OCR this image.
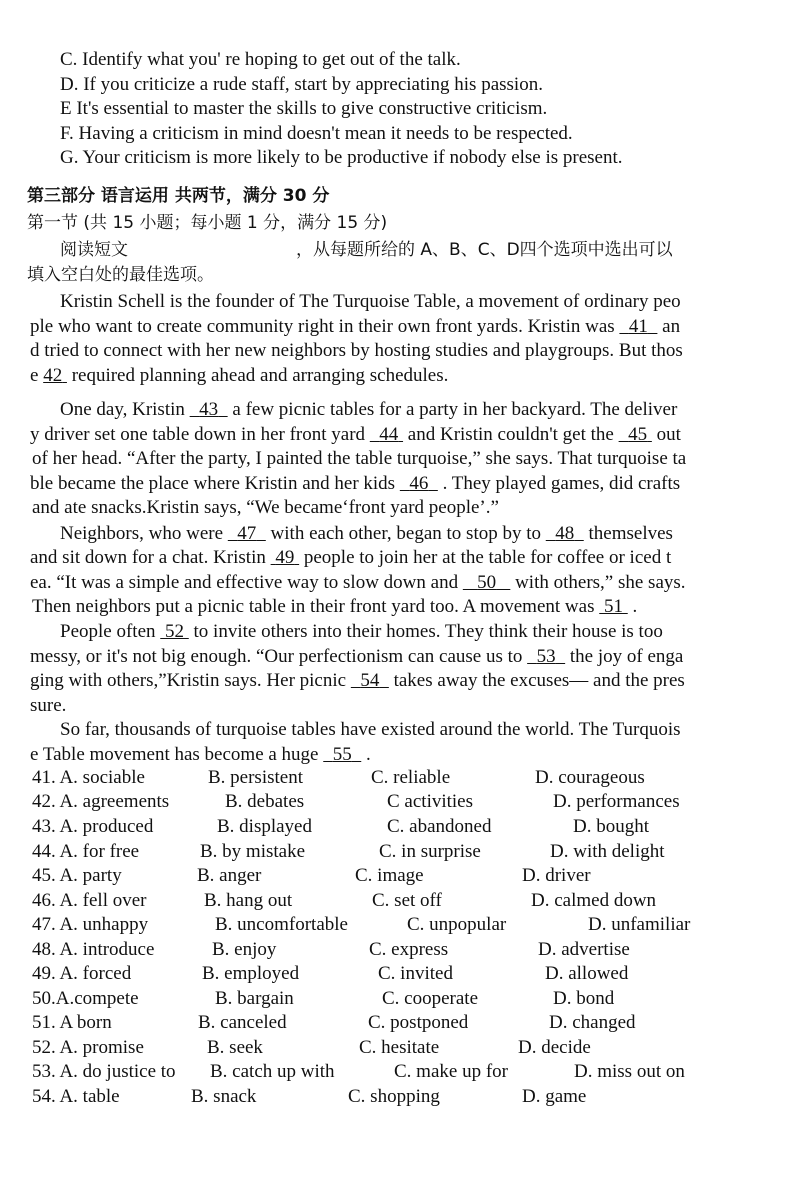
C. Identify what you' re hoping to get out of the talk.
D. If you criticize a rude staff, start by appreciating his passion.
E It's essential to master the skills to give constructive criticism.
F. Having a criticism in mind doesn't mean it needs to be respected.
G. Your criticism is more likely to be productive if nobody else is present.
第三部分 语言运用 共两节，满分 30 分
第一节 (共 15 小题；每小题 1 分，满分 15 分)
阅读短文	，从每题所给的 A、B、C、D四个选项中选出可以
填入空白处的最佳选项。
Kristin Schell is the founder of The Turquoise Table, a movement of ordinary peo
ple who want to create community right in their own front yards. Kristin was   41   an
d tried to connect with her new neighbors by hosting studies and playgroups. But thos
e 42  required planning ahead and arranging schedules.
One day, Kristin   43   a few picnic tables for a party in her backyard. The deliver
y driver set one table down in her front yard   44  and Kristin couldn't get the   45  out
of her head. “After the party, I painted the table turquoise,” she says. That turquoise ta
ble became the place where Kristin and her kids   46   . They played games, did crafts
and ate snacks.Kristin says, “We became‘front yard people’.”
Neighbors, who were   47   with each other, began to stop by to   48   themselves
and sit down for a chat. Kristin  49  people to join her at the table for coffee or iced t
ea. “It was a simple and effective way to slow down and    50    with others,” she says.
Then neighbors put a picnic table in their front yard too. A movement was  51  .
People often  52  to invite others into their homes. They think their house is too
messy, or it's not big enough. “Our perfectionism can cause us to   53   the joy of enga
ging with others,”Kristin says. Her picnic   54   takes away the excuses— and the pres
sure.
So far, thousands of turquoise tables have existed around the world. The Turquois
e Table movement has become a huge   55   .
41. A. sociable	B. persistent	C. reliable	D. courageous
42. A. agreements	B. debates	C activities	D. performances
43. A. produced	B. displayed	C. abandoned	D. bought
44. A. for free	B. by mistake	C. in surprise	D. with delight
45. A. party	B. anger	C. image	D. driver
46. A. fell over	B. hang out	C. set off	D. calmed down
47. A. unhappy	B. uncomfortable	C. unpopular	D. unfamiliar
48. A. introduce	B. enjoy	C. express	D. advertise
49. A. forced	B. employed	C. invited	D. allowed
50.A.compete	B. bargain	C. cooperate	D. bond
51. A born	B. canceled	C. postponed	D. changed
52. A. promise	B. seek	C. hesitate	D. decide
53. A. do justice to B. catch up with	C. make up for	D. miss out on
54. A. table	B. snack	C. shopping	D. game
